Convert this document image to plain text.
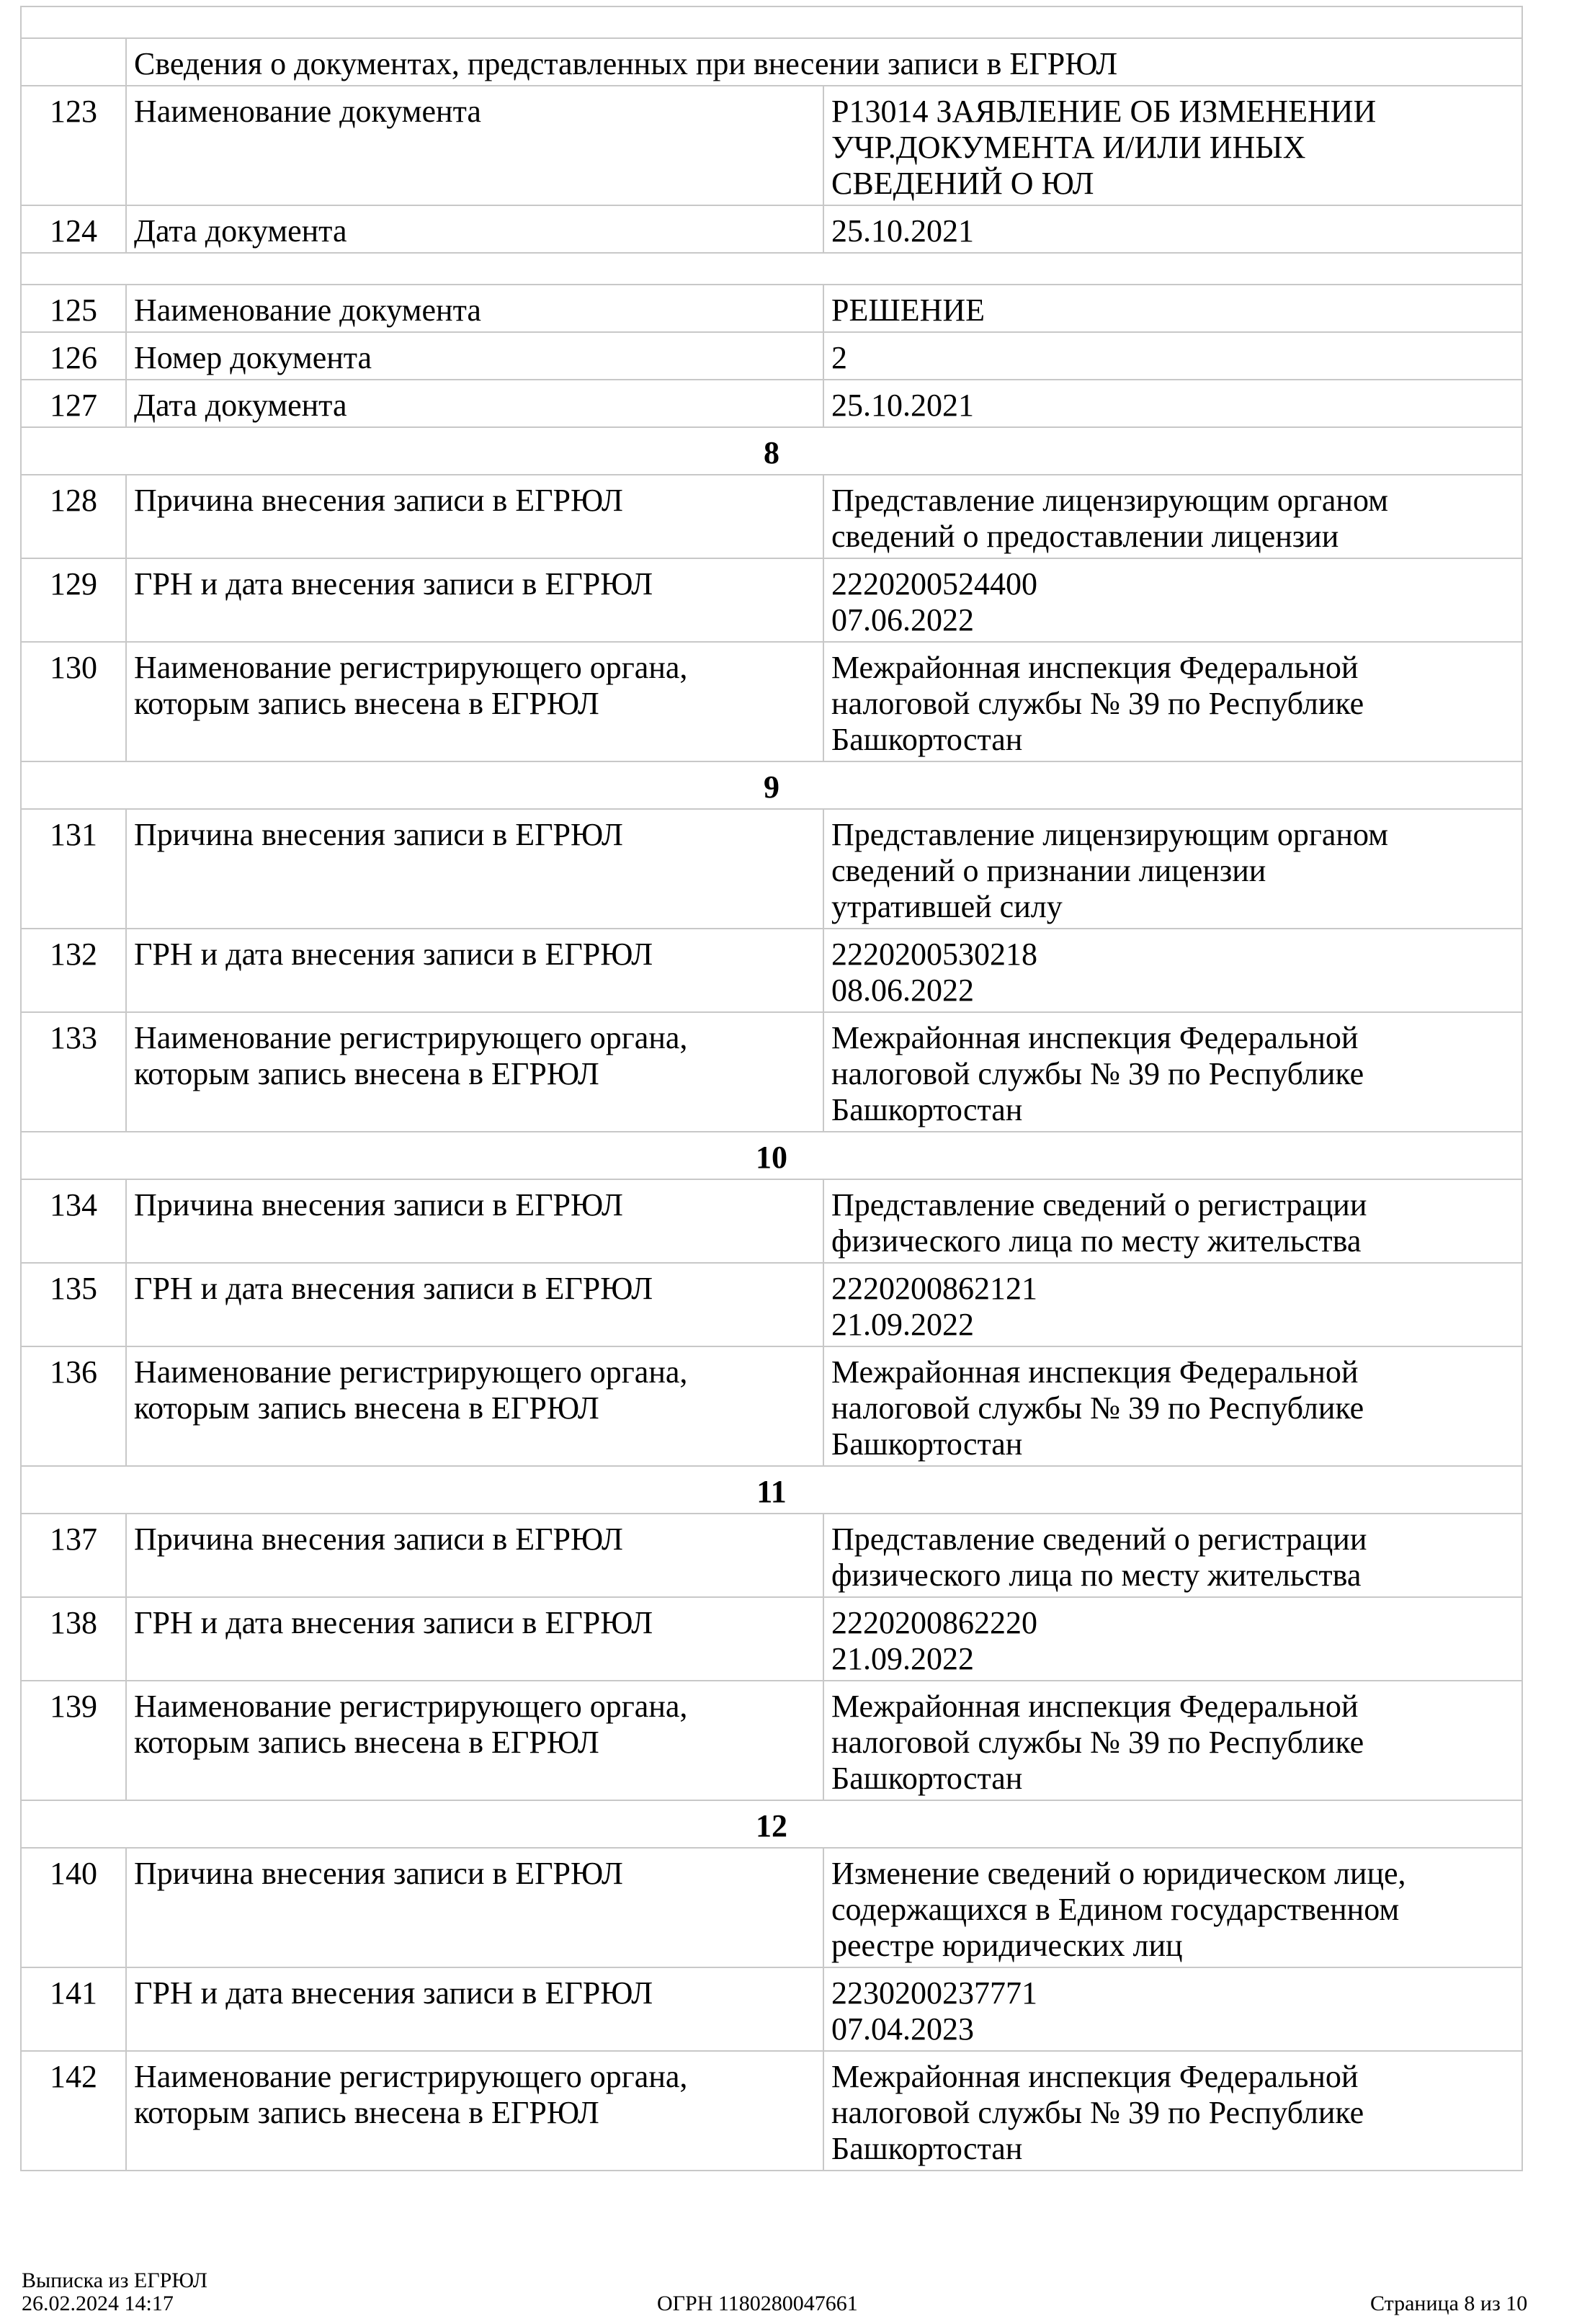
	Сведения о документах, представленных при внесении записи в ЕГРЮЛ	
123	Наименование документа	Р13014 ЗАЯВЛЕНИЕ ОБ ИЗМЕНЕНИИ
УЧР.ДОКУМЕНТА И/ИЛИ ИНЫХ
СВЕДЕНИЙ О ЮЛ

124	Дата документа	25.10.2021

125	Наименование документа	РЕШЕНИЕ

126	Номер документа	2

127	Дата документа	25.10.2021

8		
128	Причина внесения записи в ЕГРЮЛ	Представление лицензирующим органом
сведений о предоставлении лицензии

129	ГРН и дата внесения записи в ЕГРЮЛ	2220200524400
07.06.2022

130	Наименование регистрирующего органа,
которым запись внесена в ЕГРЮЛ	Межрайонная инспекция Федеральной
налоговой службы № 39 по Республике
Башкортостан

9		
131	Причина внесения записи в ЕГРЮЛ	Представление лицензирующим органом
сведений о признании лицензии
утратившей силу

132	ГРН и дата внесения записи в ЕГРЮЛ	2220200530218
08.06.2022

133	Наименование регистрирующего органа,
которым запись внесена в ЕГРЮЛ	Межрайонная инспекция Федеральной
налоговой службы № 39 по Республике
Башкортостан

10		
134	Причина внесения записи в ЕГРЮЛ	Представление сведений о регистрации
физического лица по месту жительства

135	ГРН и дата внесения записи в ЕГРЮЛ	2220200862121
21.09.2022

136	Наименование регистрирующего органа,
которым запись внесена в ЕГРЮЛ	Межрайонная инспекция Федеральной
налоговой службы № 39 по Республике
Башкортостан

11		
137	Причина внесения записи в ЕГРЮЛ	Представление сведений о регистрации
физического лица по месту жительства

138	ГРН и дата внесения записи в ЕГРЮЛ	2220200862220
21.09.2022

139	Наименование регистрирующего органа,
которым запись внесена в ЕГРЮЛ	Межрайонная инспекция Федеральной
налоговой службы № 39 по Республике
Башкортостан

12		
140	Причина внесения записи в ЕГРЮЛ	Изменение сведений о юридическом лице,
содержащихся в Едином государственном
реестре юридических лиц

141	ГРН и дата внесения записи в ЕГРЮЛ	2230200237771
07.04.2023

142	Наименование регистрирующего органа,
которым запись внесена в ЕГРЮЛ	Межрайонная инспекция Федеральной
налоговой службы № 39 по Республике
Башкортостан
Выписка из ЕГРЮЛ
26.02.2024 14:17	ОГРН 1180280047661	Страница 8 из 10
